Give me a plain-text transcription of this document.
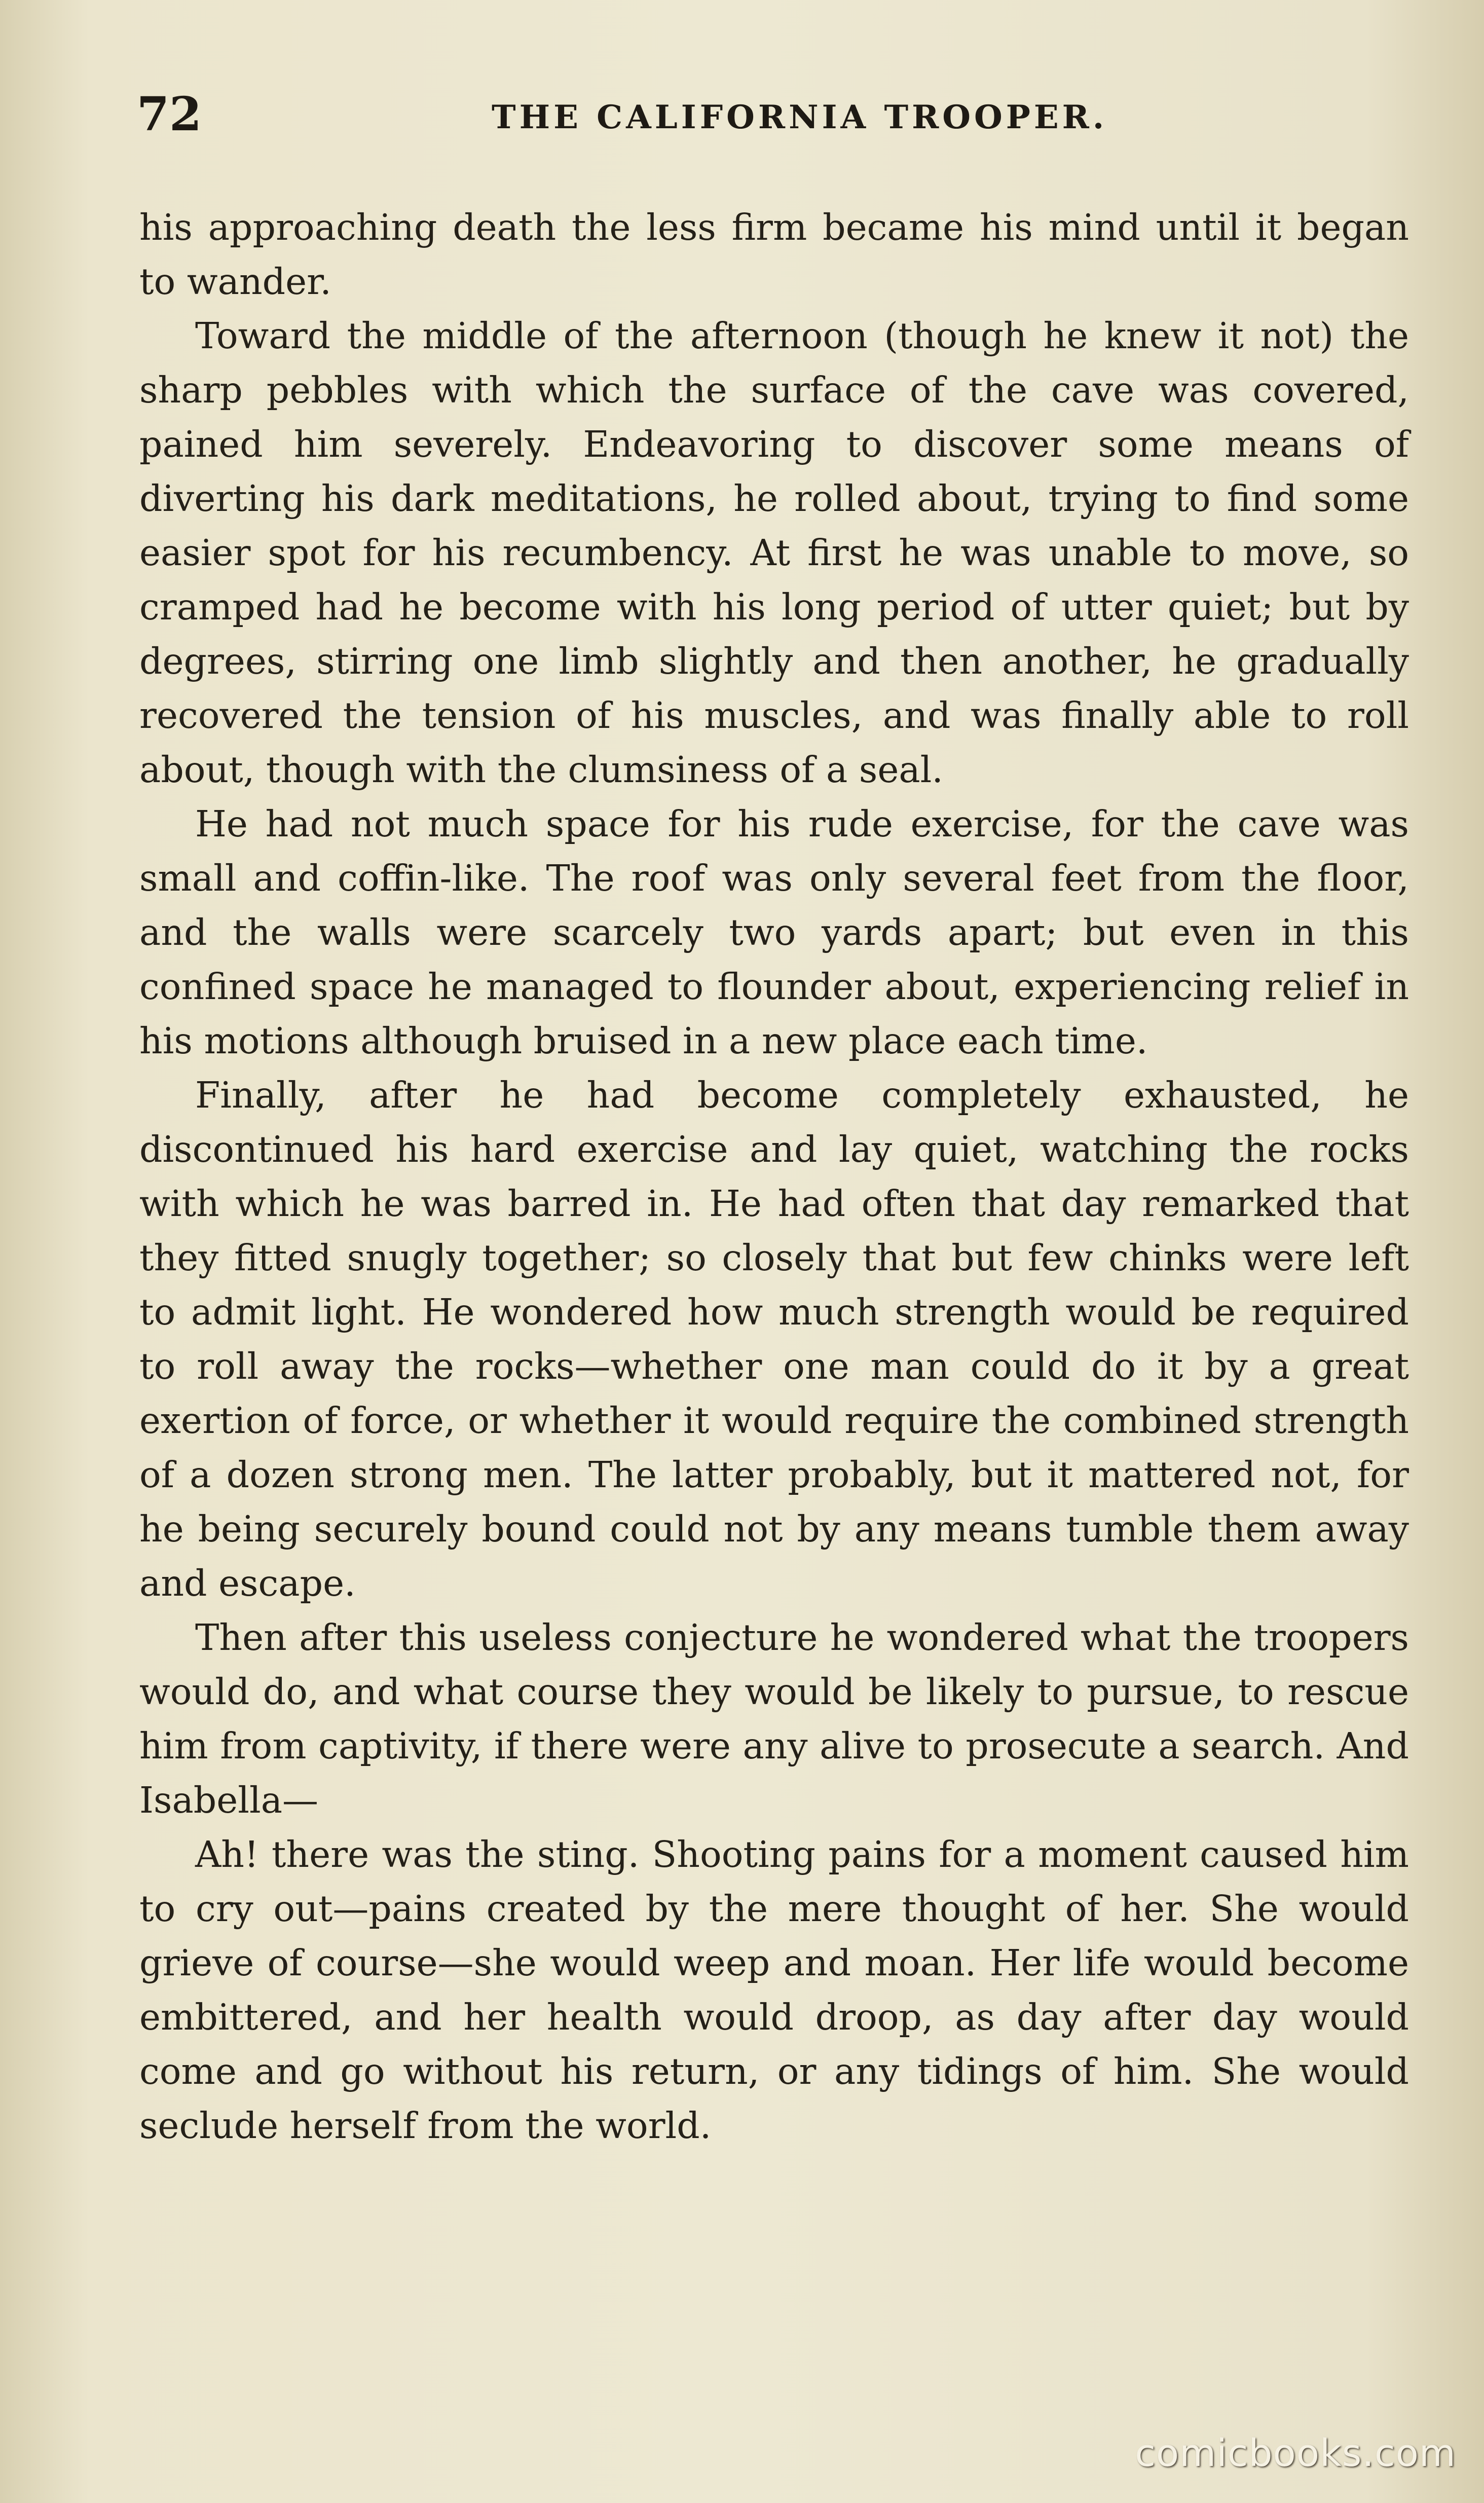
72	THE CALIFORNIA TROOPER.

his approaching death the less firm became his mind until it began to wander.

Toward the middle of the afternoon (though he knew it not) the sharp pebbles with which the surface of the cave was covered, pained him severely. Endeavoring to discover some means of diverting his dark meditations, he rolled about, trying to find some easier spot for his recumbency. At first he was unable to move, so cramped had he become with his long period of utter quiet; but by degrees, stirring one limb slightly and then another, he gradually recovered the tension of his muscles, and was finally able to roll about, though with the clumsiness of a seal.

He had not much space for his rude exercise, for the cave was small and coffin-like. The roof was only several feet from the floor, and the walls were scarcely two yards apart; but even in this confined space he managed to flounder about, experiencing relief in his motions although bruised in a new place each time.

Finally, after he had become completely exhausted, he discontinued his hard exercise and lay quiet, watching the rocks with which he was barred in. He had often that day remarked that they fitted snugly together; so closely that but few chinks were left to admit light. He wondered how much strength would be required to roll away the rocks—whether one man could do it by a great exertion of force, or whether it would require the combined strength of a dozen strong men. The latter probably, but it mattered not, for he being securely bound could not by any means tumble them away and escape.

Then after this useless conjecture he wondered what the troopers would do, and what course they would be likely to pursue, to rescue him from captivity, if there were any alive to prosecute a search. And Isabella—

Ah! there was the sting. Shooting pains for a moment caused him to cry out—pains created by the mere thought of her. She would grieve of course—she would weep and moan. Her life would become embittered, and her health would droop, as day after day would come and go without his return, or any tidings of him. She would seclude herself from the world.

comicbooks.com
